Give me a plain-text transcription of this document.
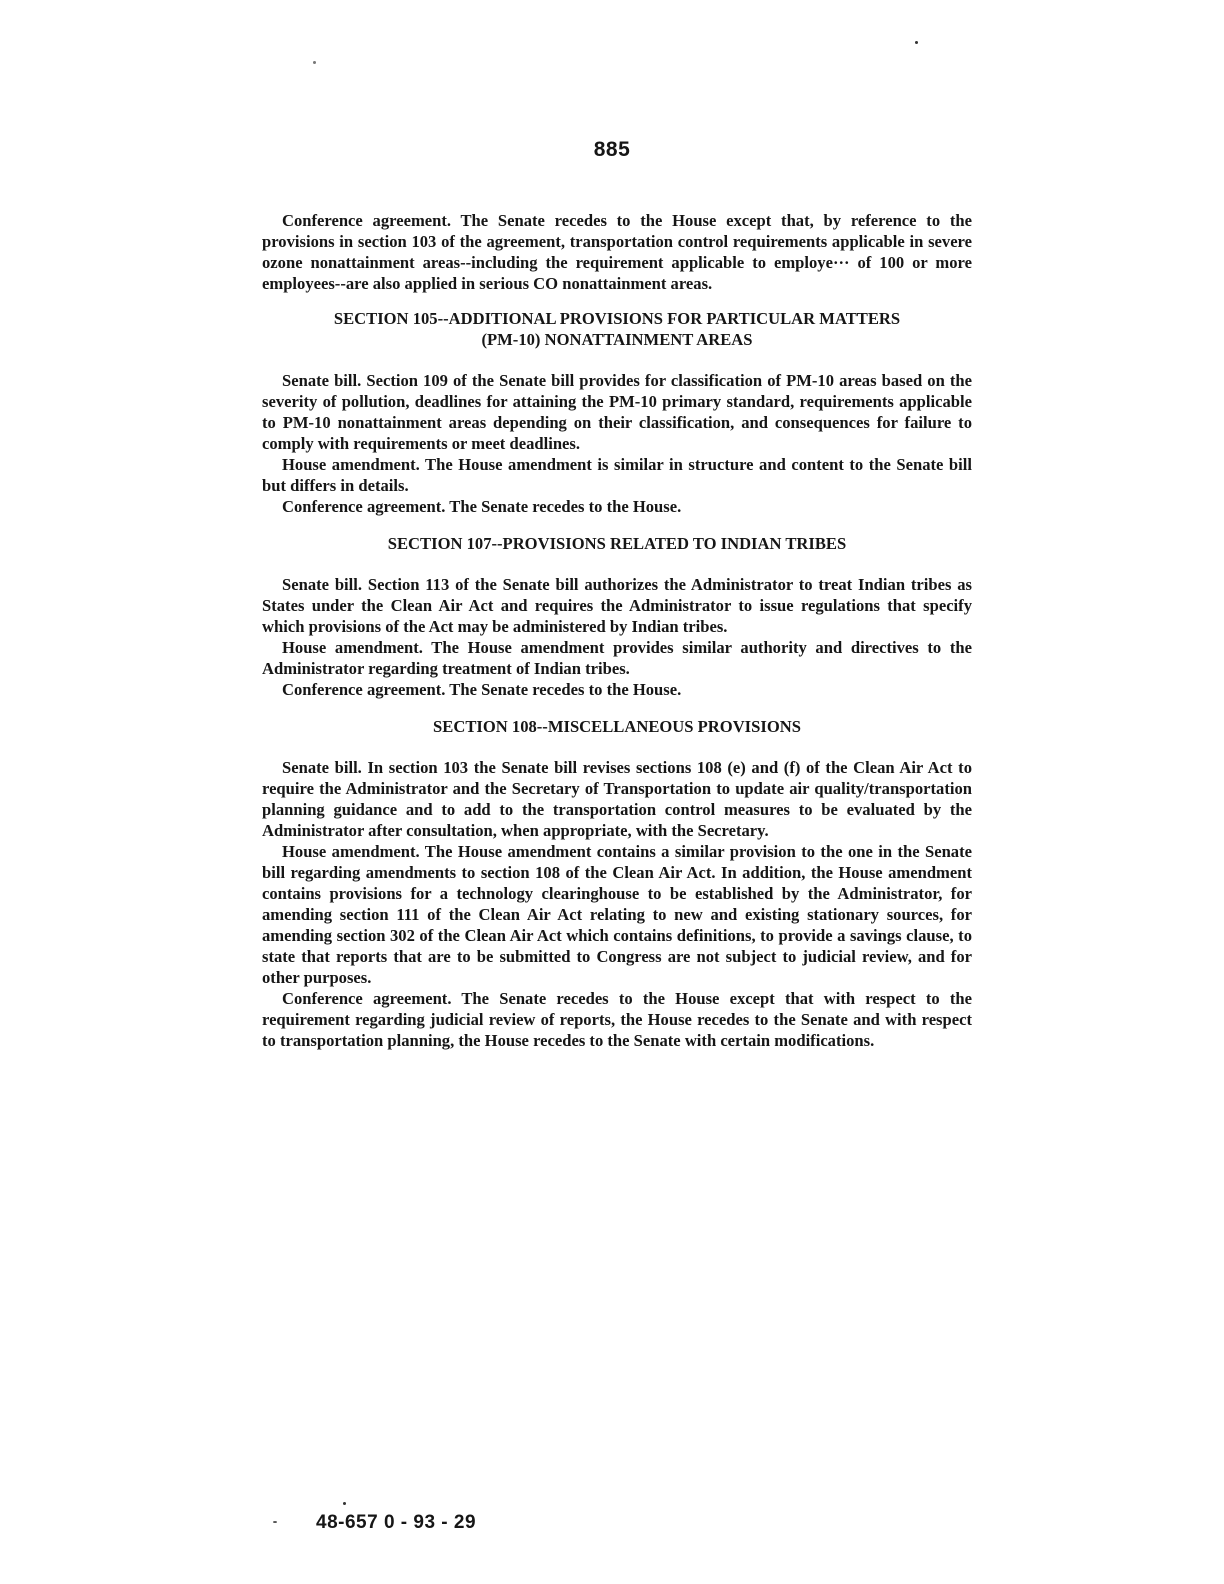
885

Conference agreement. The Senate recedes to the House except that, by reference to the provisions in section 103 of the agreement, transportation control requirements applicable in severe ozone nonattainment areas--including the requirement applicable to employe··· of 100 or more employees--are also applied in serious CO nonattainment areas.

SECTION 105--ADDITIONAL PROVISIONS FOR PARTICULAR MATTERS
(PM-10) NONATTAINMENT AREAS

Senate bill. Section 109 of the Senate bill provides for classification of PM-10 areas based on the severity of pollution, deadlines for attaining the PM-10 primary standard, requirements applicable to PM-10 nonattainment areas depending on their classification, and consequences for failure to comply with requirements or meet deadlines.

House amendment. The House amendment is similar in structure and content to the Senate bill but differs in details.

Conference agreement. The Senate recedes to the House.

SECTION 107--PROVISIONS RELATED TO INDIAN TRIBES

Senate bill. Section 113 of the Senate bill authorizes the Administrator to treat Indian tribes as States under the Clean Air Act and requires the Administrator to issue regulations that specify which provisions of the Act may be administered by Indian tribes.

House amendment. The House amendment provides similar authority and directives to the Administrator regarding treatment of Indian tribes.

Conference agreement. The Senate recedes to the House.

SECTION 108--MISCELLANEOUS PROVISIONS

Senate bill. In section 103 the Senate bill revises sections 108 (e) and (f) of the Clean Air Act to require the Administrator and the Secretary of Transportation to update air quality/transportation planning guidance and to add to the transportation control measures to be evaluated by the Administrator after consultation, when appropriate, with the Secretary.

House amendment. The House amendment contains a similar provision to the one in the Senate bill regarding amendments to section 108 of the Clean Air Act. In addition, the House amendment contains provisions for a technology clearinghouse to be established by the Administrator, for amending section 111 of the Clean Air Act relating to new and existing stationary sources, for amending section 302 of the Clean Air Act which contains definitions, to provide a savings clause, to state that reports that are to be submitted to Congress are not subject to judicial review, and for other purposes.

Conference agreement. The Senate recedes to the House except that with respect to the requirement regarding judicial review of reports, the House recedes to the Senate and with respect to transportation planning, the House recedes to the Senate with certain modifications.

48-657 0 - 93 - 29
